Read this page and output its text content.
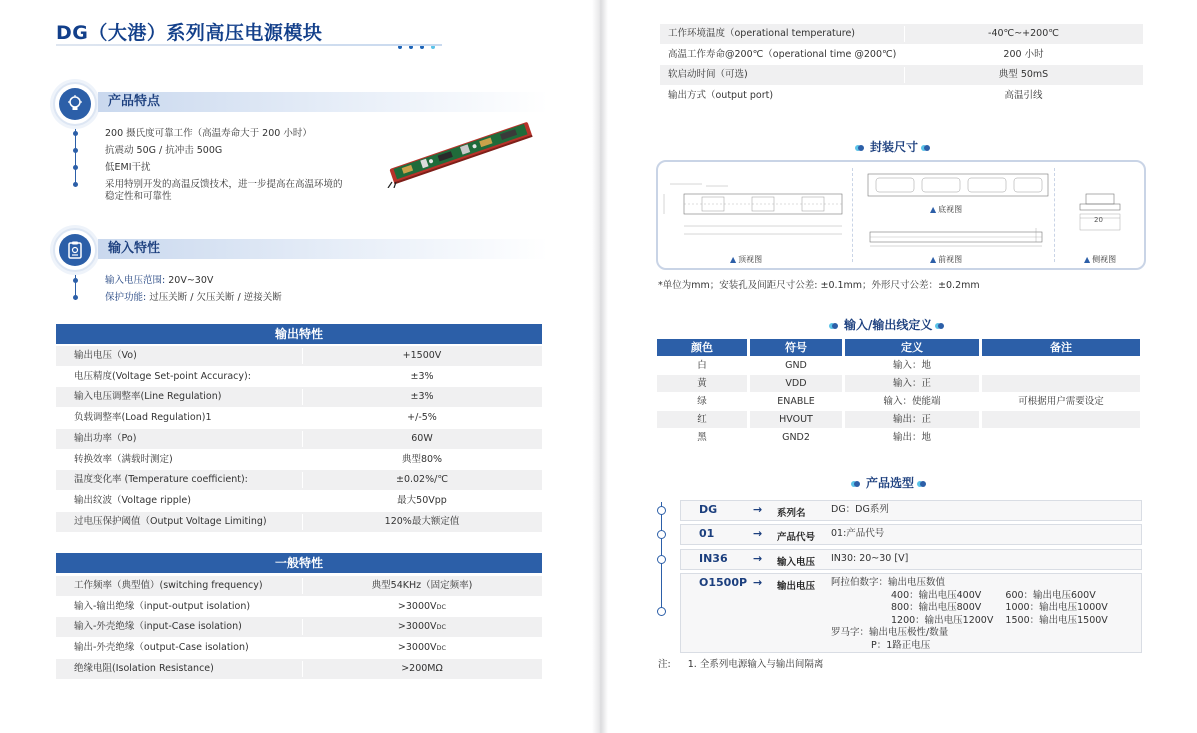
DG（大港）系列高压电源模块
产品特点
200 摄氏度可靠工作（高温寿命大于 200 小时）
抗震动 50G / 抗冲击 500G
低EMI干扰
采用特别开发的高温反馈技术，进一步提高在高温环境的
稳定性和可靠性
输入特性
输入电压范围: 20V~30V
保护功能: 过压关断 / 欠压关断 / 逆接关断
输出特性
输出电压（Vo)	+1500V
电压精度(Voltage Set-point Accuracy):	±3%
输入电压调整率(Line Regulation)	±3%
负载调整率(Load Regulation)1	+/-5%
输出功率（Po)	60W
转换效率（满载时测定)	典型80%
温度变化率 (Temperature coefficient):	±0.02%/℃
输出纹波（Voltage ripple)	最大50Vpp
过电压保护阈值（Output Voltage Limiting)	120%最大额定值
一般特性
工作频率（典型值）(switching frequency)	典型54KHz（固定频率)
输入-输出绝缘（input-output isolation)	>3000VDC
输入-外壳绝缘（input-Case isolation)	>3000VDC
输出-外壳绝缘（output-Case isolation)	>3000VDC
绝缘电阻(Isolation Resistance)	>200MΩ
工作环境温度（operational temperature)	-40℃~+200℃
高温工作寿命@200℃（operational time @200℃)	200 小时
软启动时间（可选)	典型 50mS
输出方式（output port)	高温引线
封装尺寸
▲ 顶视图
▲ 底视图
▲ 前视图
20
▲ 侧视图
*单位为mm；安装孔及间距尺寸公差: ±0.1mm；外形尺寸公差：±0.2mm
输入/输出线定义
颜色	符号	定义	备注
白	GND	输入：地
黄	VDD	输入：正
绿	ENABLE	输入：使能端	可根据用户需要设定
红	HVOUT	输出：正
黑	GND2	输出：地
产品选型
DG	→ 系列名	DG：DG系列
01	→ 产品代号 01:产品代号
IN36 → 输入电压 IN30: 20~30 [V]
O1500P → 输出电压 阿拉伯数字：输出电压数值
400：输出电压400V        600：输出电压600V
800：输出电压800V        1000：输出电压1000V
1200：输出电压1200V    1500：输出电压1500V
罗马字：输出电压极性/数量
P：1路正电压
注: 1. 全系列电源输入与输出间隔离
